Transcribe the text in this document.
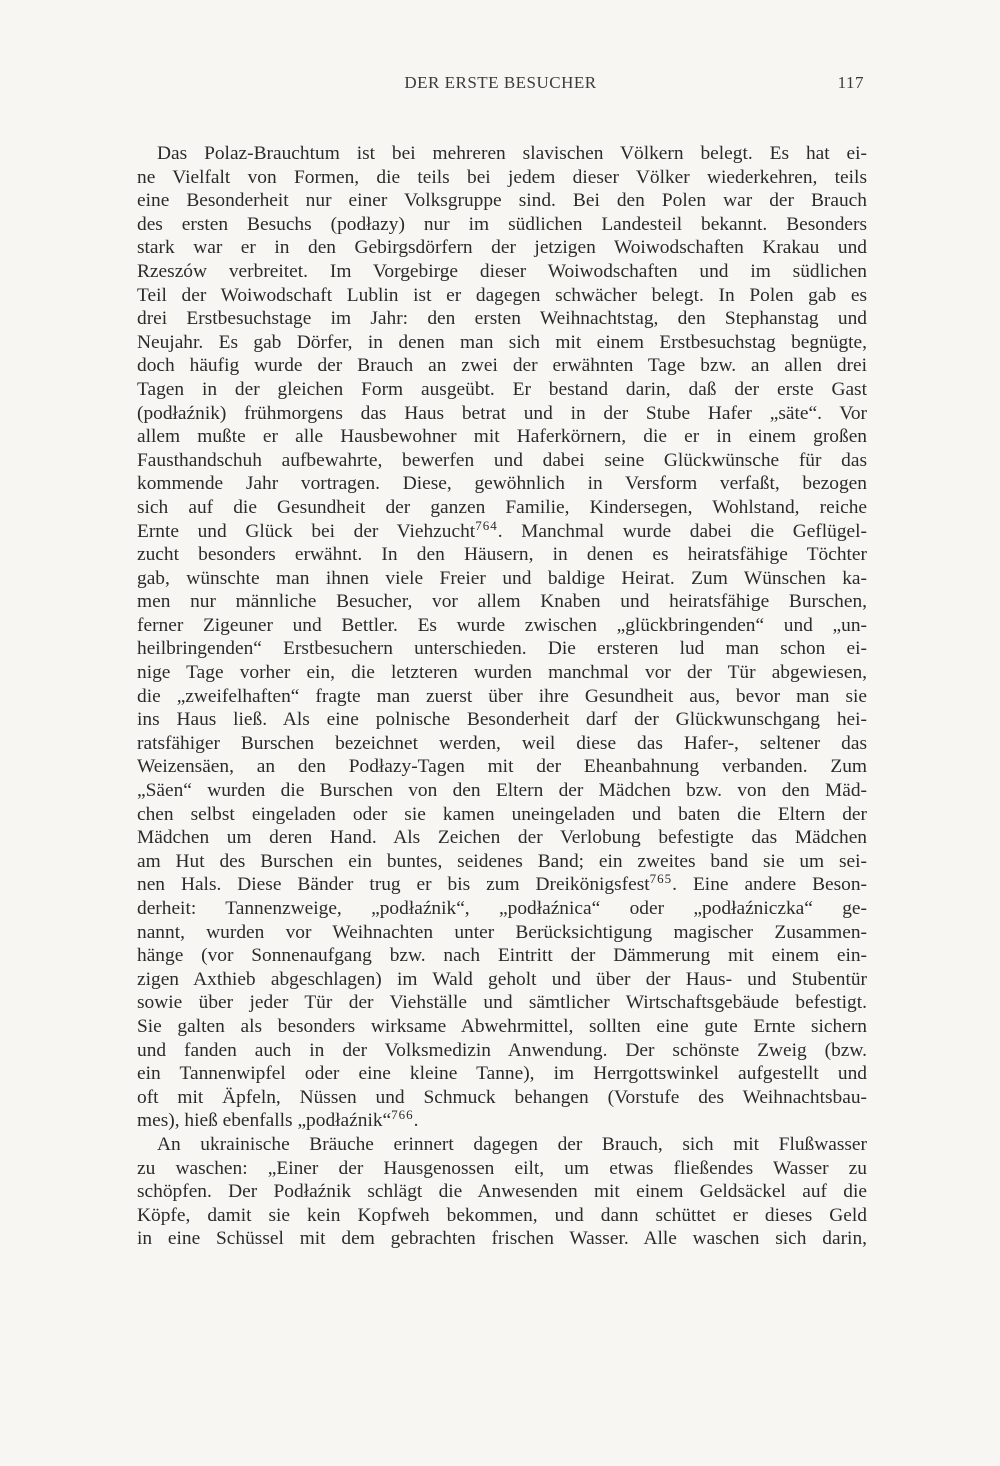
DER ERSTE BESUCHER	117
Das Polaz-Brauchtum ist bei mehreren slavischen Völkern belegt. Es hat ei-
ne Vielfalt von Formen, die teils bei jedem dieser Völker wiederkehren, teils
eine Besonderheit nur einer Volksgruppe sind. Bei den Polen war der Brauch
des ersten Besuchs (podłazy) nur im südlichen Landesteil bekannt. Besonders
stark war er in den Gebirgsdörfern der jetzigen Woiwodschaften Krakau und
Rzeszów verbreitet. Im Vorgebirge dieser Woiwodschaften und im südlichen
Teil der Woiwodschaft Lublin ist er dagegen schwächer belegt. In Polen gab es
drei Erstbesuchstage im Jahr: den ersten Weihnachtstag, den Stephanstag und
Neujahr. Es gab Dörfer, in denen man sich mit einem Erstbesuchstag begnügte,
doch häufig wurde der Brauch an zwei der erwähnten Tage bzw. an allen drei
Tagen in der gleichen Form ausgeübt. Er bestand darin, daß der erste Gast
(podłaźnik) frühmorgens das Haus betrat und in der Stube Hafer „säte“. Vor
allem mußte er alle Hausbewohner mit Haferkörnern, die er in einem großen
Fausthandschuh aufbewahrte, bewerfen und dabei seine Glückwünsche für das
kommende Jahr vortragen. Diese, gewöhnlich in Versform verfaßt, bezogen
sich auf die Gesundheit der ganzen Familie, Kindersegen, Wohlstand, reiche
Ernte und Glück bei der Viehzucht$^{764}$. Manchmal wurde dabei die Geflügel-
zucht besonders erwähnt. In den Häusern, in denen es heiratsfähige Töchter
gab, wünschte man ihnen viele Freier und baldige Heirat. Zum Wünschen ka-
men nur männliche Besucher, vor allem Knaben und heiratsfähige Burschen,
ferner Zigeuner und Bettler. Es wurde zwischen „glückbringenden“ und „un-
heilbringenden“ Erstbesuchern unterschieden. Die ersteren lud man schon ei-
nige Tage vorher ein, die letzteren wurden manchmal vor der Tür abgewiesen,
die „zweifelhaften“ fragte man zuerst über ihre Gesundheit aus, bevor man sie
ins Haus ließ. Als eine polnische Besonderheit darf der Glückwunschgang hei-
ratsfähiger Burschen bezeichnet werden, weil diese das Hafer-, seltener das
Weizensäen, an den Podłazy-Tagen mit der Eheanbahnung verbanden. Zum
„Säen“ wurden die Burschen von den Eltern der Mädchen bzw. von den Mäd-
chen selbst eingeladen oder sie kamen uneingeladen und baten die Eltern der
Mädchen um deren Hand. Als Zeichen der Verlobung befestigte das Mädchen
am Hut des Burschen ein buntes, seidenes Band; ein zweites band sie um sei-
nen Hals. Diese Bänder trug er bis zum Dreikönigsfest$^{765}$. Eine andere Beson-
derheit: Tannenzweige, „podłaźnik“, „podłaźnica“ oder „podłaźniczka“ ge-
nannt, wurden vor Weihnachten unter Berücksichtigung magischer Zusammen-
hänge (vor Sonnenaufgang bzw. nach Eintritt der Dämmerung mit einem ein-
zigen Axthieb abgeschlagen) im Wald geholt und über der Haus- und Stubentür
sowie über jeder Tür der Viehställe und sämtlicher Wirtschaftsgebäude befestigt.
Sie galten als besonders wirksame Abwehrmittel, sollten eine gute Ernte sichern
und fanden auch in der Volksmedizin Anwendung. Der schönste Zweig (bzw.
ein Tannenwipfel oder eine kleine Tanne), im Herrgottswinkel aufgestellt und
oft mit Äpfeln, Nüssen und Schmuck behangen (Vorstufe des Weihnachtsbau-
mes), hieß ebenfalls „podłaźnik“$^{766}$.
An ukrainische Bräuche erinnert dagegen der Brauch, sich mit Flußwasser
zu waschen: „Einer der Hausgenossen eilt, um etwas fließendes Wasser zu
schöpfen. Der Podłaźnik schlägt die Anwesenden mit einem Geldsäckel auf die
Köpfe, damit sie kein Kopfweh bekommen, und dann schüttet er dieses Geld
in eine Schüssel mit dem gebrachten frischen Wasser. Alle waschen sich darin,
